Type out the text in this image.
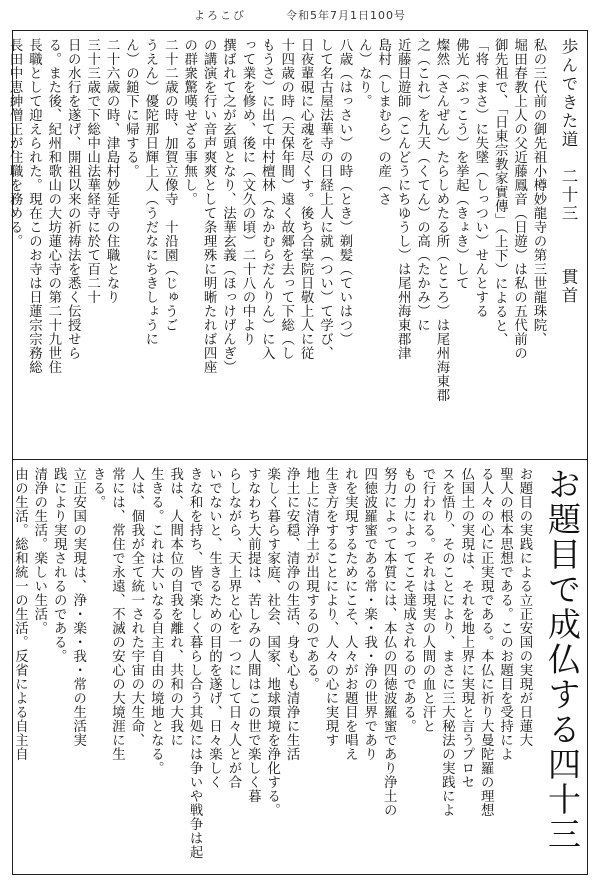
よろこび	令和5年7月1日100号
歩んできた道　二十三 貫首
私の三代前の御先祖小樽妙龍寺の第三世龍珠院、
堀田春教上人の父近藤鳳音（日遊）は私の五代前の
御先祖で、「日東宗教家實傳」（上下）によると、
「将（まさ）に失墜（しっつい）せんとする
佛光（ぶっこう）を挙起（きょき）して
燦然（さんぜん）たらしめたる所（ところ）は尾州海東郡
之（これ）を九天（くてん）の高（たかみ）に
近藤日遊師（こんどうにちゆうし）は尾州海東郡津
島村（しまむら）の産（さ
ん）なり。
八歳（はっさい）の時（とき）剃髪（ていはつ）
して名古屋法華寺の日経上人に就（つい）て学び、
日夜輩硯に心魂を尽くす。後ち合掌院日敬上人に従
十四歳の時（天保年間）遠く故郷を去って下総（し
もうさ）に出て中村檀林（なかむらだんりん）に入
って業を修め、後に（文久の頃）二十八の中より
撰ばれて之が玄頭となり、法華玄義（ほっけげんぎ）
の講演を行い音声爽爽として条理殊に明晰たれば四座
の群衆驚嘆せざる事無し。
二十二歳の時、加賀立像寺　十沿園（じゅうご
うえん）優陀那日輝上人（うだなにちきしょうに
ん）の鎚下に帰する。
二十六歳の時、津島村妙延寺の住職となり
三十三歳で下総中山法華経寺に於て百二十
日の水行を遂げ、開祖以来の祈祷法を悉く伝授せら
る。また後、紀州和歌山の大坊蓮心寺の第二十九世住
長職として迎えられた。現在このお寺は日蓮宗宗務総
長田中恵紳僧正が住職を務める。
お題目で成仏する四十三
お題目の実践による立正安国の実現が日蓮大
聖人の根本思想である。このお題目を受持によ
る人々の心に正実現である。本仏に祈り大曼陀羅の理想
仏国土の実現は、それを地上界に実現と言うプロセ
スを悟り、そのことにより、まさに三大秘法の実践によ
で行われる。それは現実の人間の血と汗と
もの力によってこそ達成されるのである。
努力によって本質には、本仏の四徳波羅蜜であり浄土の
四徳波羅蜜である常・楽・我・浄の世界であり
れを実現するためにこそ、人々がお題目を唱え
生き方をすることにより、人々の心に実現す
地上に清浄土が出現するのである。
浄土に安穏、清浄の生活、身も心も清浄に生活
楽しく暮らす家庭、社会、国家、地球環境を浄化する。
すなわち大前提は、苦しみの人間はこの世で楽しく暮
らしながら、天上界と心を一つにして日々人とが合
いでないと、生きるための目的を遂げ、日々楽しく
きな和を持ち、皆で楽しく暮らし合う其処には争いや戦争は起
我は、人間本位の自我を離れ、共和の大我に
生きる。これは大いなる自主自由の境地となる。
人は、個我が全て統一された宇宙の大生命、
常には、常住で永遠、不滅の安心の大境涯に生
きる。
立正安国の実現は、浄・楽・我・常の生活実
践により実現されるのである。
清浄の生活。楽しい生活。
由の生活。総和統一の生活。反省による自主自
